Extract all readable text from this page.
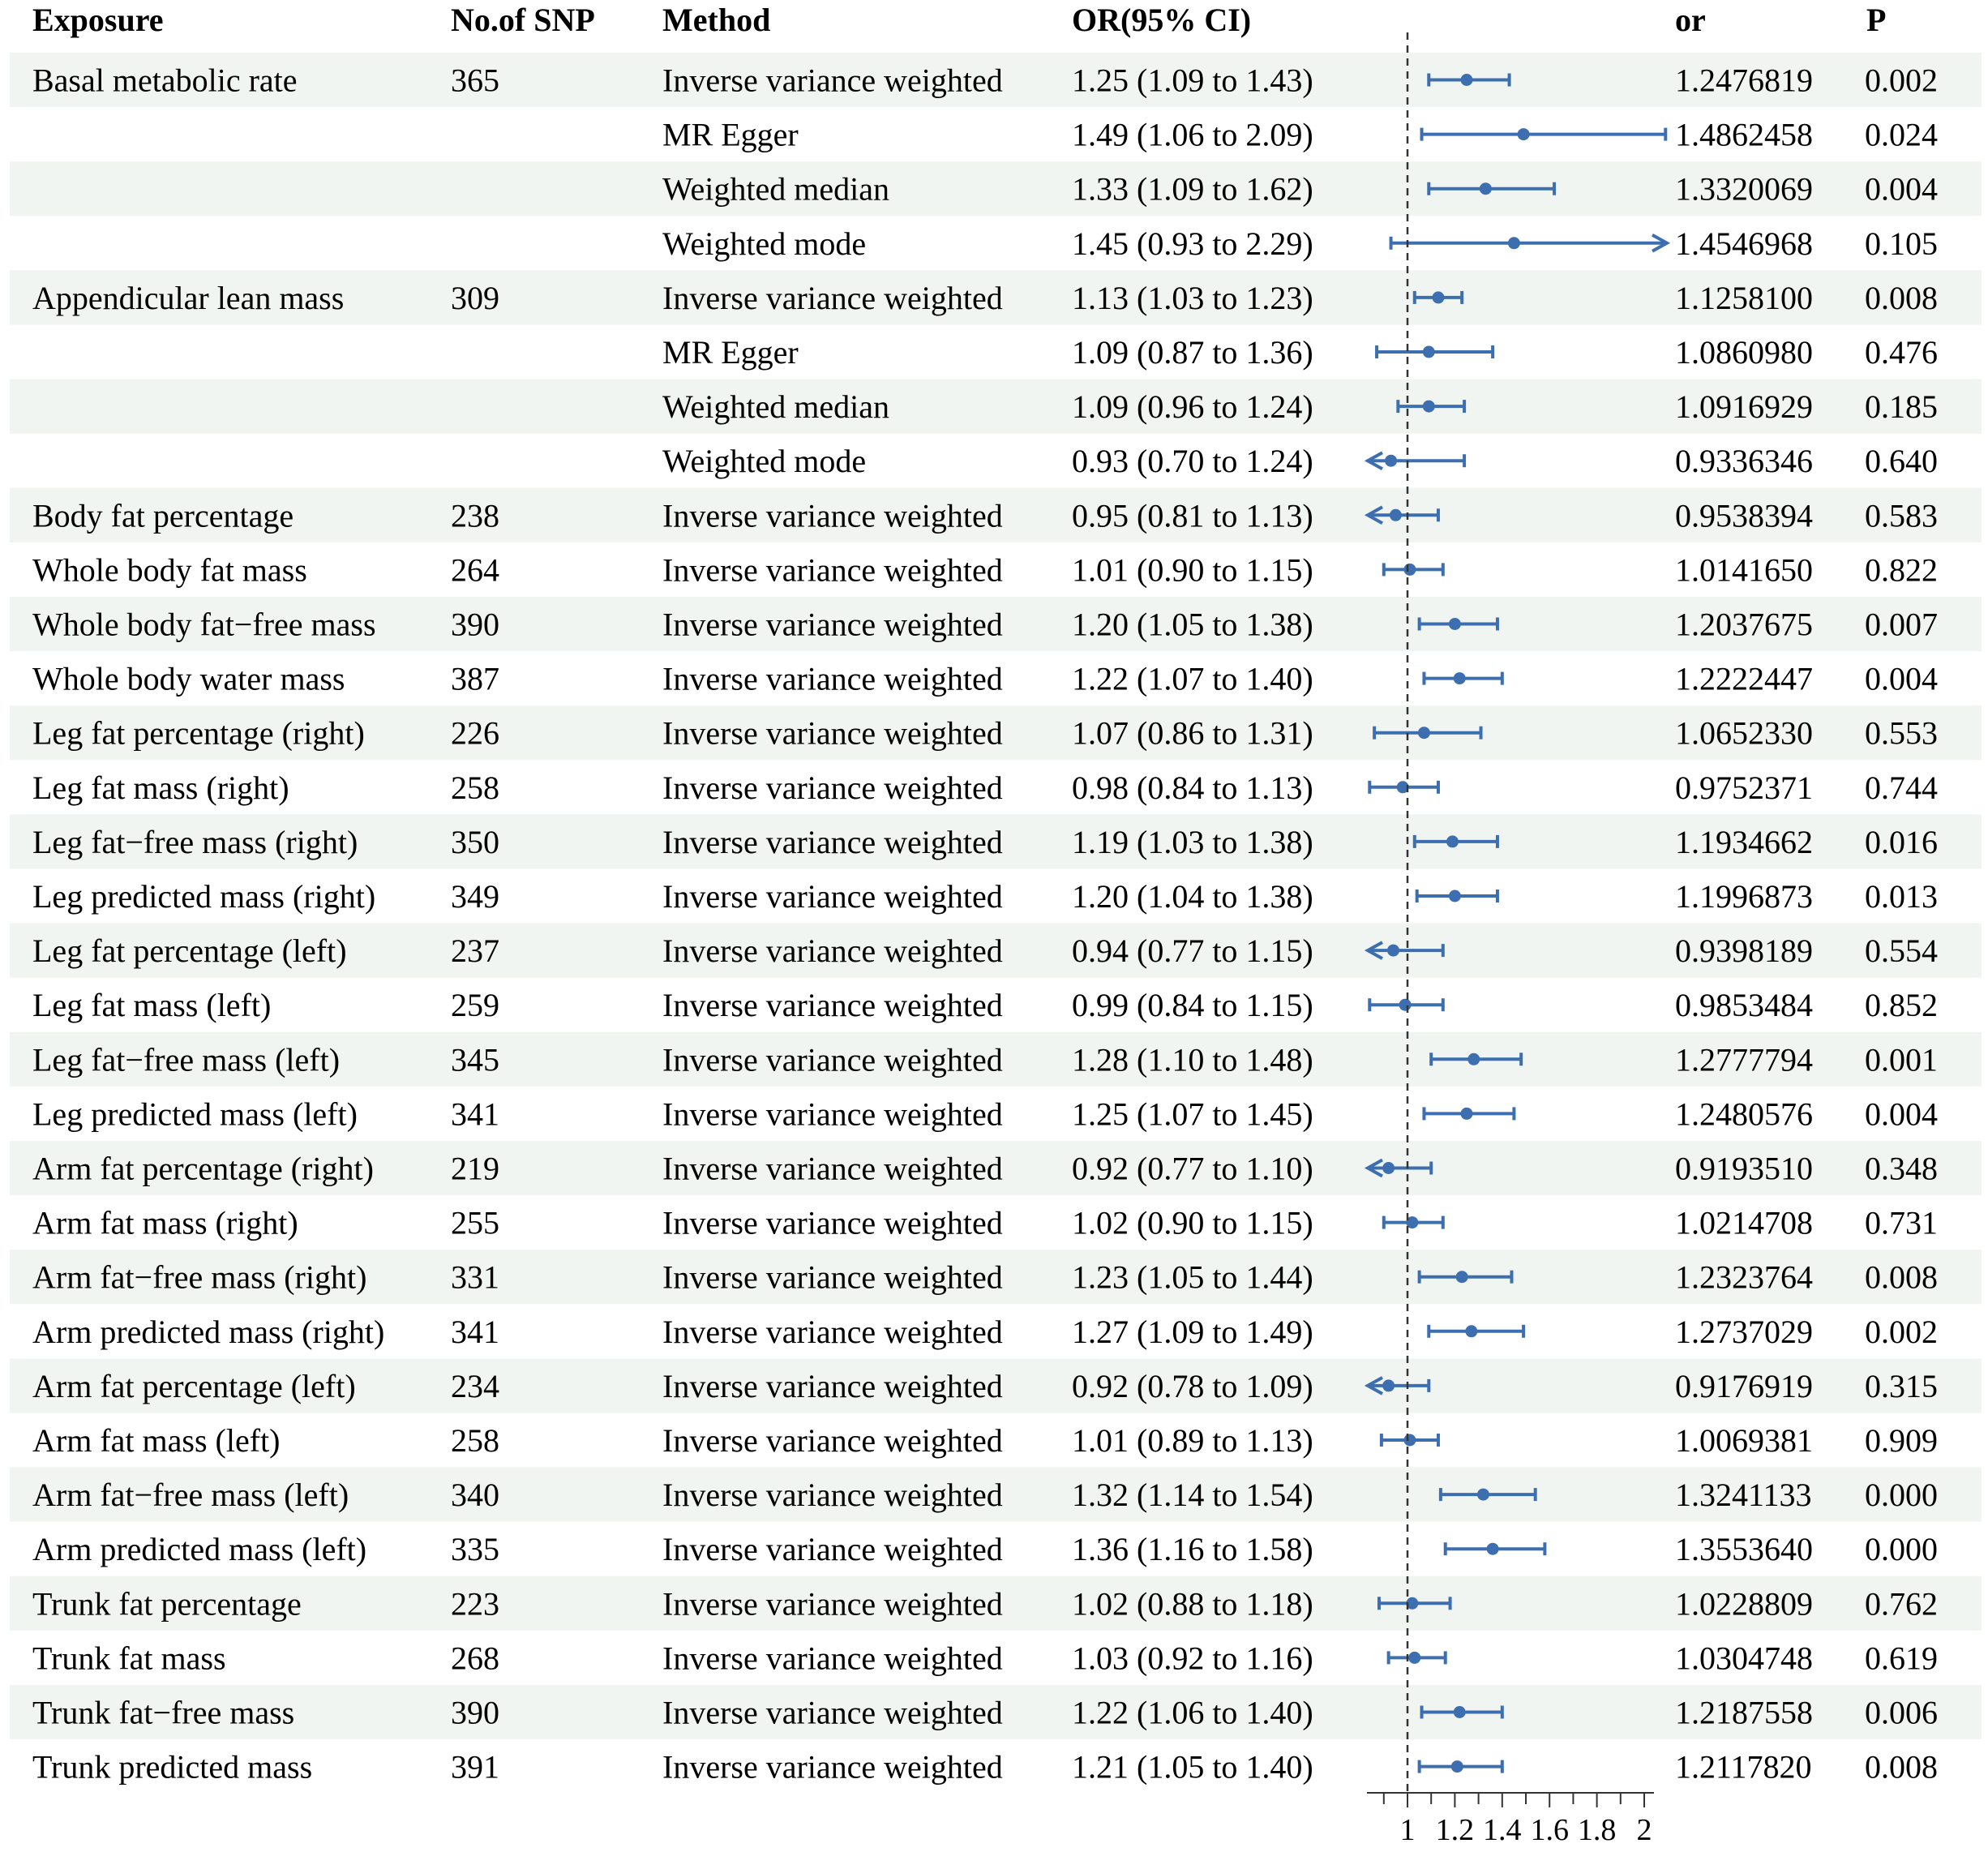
Exposure	No.of SNP Method	OR(95% CI)	or	P
Basal metabolic rate	365	Inverse variance weighted 1.25 (1.09 to 1.43)	1.2476819 0.002
MR Egger	1.49 (1.06 to 2.09)	1.4862458 0.024
Weighted median	1.33 (1.09 to 1.62)	1.3320069 0.004
Weighted mode	1.45 (0.93 to 2.29)	1.4546968 0.105
Appendicular lean mass	309	Inverse variance weighted 1.13 (1.03 to 1.23)	1.1258100 0.008
MR Egger	1.09 (0.87 to 1.36)	1.0860980 0.476
Weighted median	1.09 (0.96 to 1.24)	1.0916929 0.185
Weighted mode	0.93 (0.70 to 1.24)	0.9336346 0.640
Body fat percentage	238	Inverse variance weighted 0.95 (0.81 to 1.13)	0.9538394 0.583
Whole body fat mass	264	Inverse variance weighted 1.01 (0.90 to 1.15)	1.0141650 0.822
Whole body fat−free mass 390	Inverse variance weighted 1.20 (1.05 to 1.38)	1.2037675 0.007
Whole body water mass	387	Inverse variance weighted 1.22 (1.07 to 1.40)	1.2222447 0.004
Leg fat percentage (right)	226	Inverse variance weighted 1.07 (0.86 to 1.31)	1.0652330 0.553
Leg fat mass (right)	258	Inverse variance weighted 0.98 (0.84 to 1.13)	0.9752371 0.744
Leg fat−free mass (right)	350	Inverse variance weighted 1.19 (1.03 to 1.38)	1.1934662 0.016
Leg predicted mass (right) 349	Inverse variance weighted 1.20 (1.04 to 1.38)	1.1996873 0.013
Leg fat percentage (left)	237	Inverse variance weighted 0.94 (0.77 to 1.15)	0.9398189 0.554
Leg fat mass (left)	259	Inverse variance weighted 0.99 (0.84 to 1.15)	0.9853484 0.852
Leg fat−free mass (left)	345	Inverse variance weighted 1.28 (1.10 to 1.48)	1.2777794 0.001
Leg predicted mass (left)	341	Inverse variance weighted 1.25 (1.07 to 1.45)	1.2480576 0.004
Arm fat percentage (right) 219	Inverse variance weighted 0.92 (0.77 to 1.10)	0.9193510 0.348
Arm fat mass (right)	255	Inverse variance weighted 1.02 (0.90 to 1.15)	1.0214708 0.731
Arm fat−free mass (right)	331	Inverse variance weighted 1.23 (1.05 to 1.44)	1.2323764 0.008
Arm predicted mass (right) 341	Inverse variance weighted 1.27 (1.09 to 1.49)	1.2737029 0.002
Arm fat percentage (left)	234	Inverse variance weighted 0.92 (0.78 to 1.09)	0.9176919 0.315
Arm fat mass (left)	258	Inverse variance weighted 1.01 (0.89 to 1.13)	1.0069381 0.909
Arm fat−free mass (left)	340	Inverse variance weighted 1.32 (1.14 to 1.54)	1.3241133 0.000
Arm predicted mass (left)	335	Inverse variance weighted 1.36 (1.16 to 1.58)	1.3553640 0.000
Trunk fat percentage	223	Inverse variance weighted 1.02 (0.88 to 1.18)	1.0228809 0.762
Trunk fat mass	268	Inverse variance weighted 1.03 (0.92 to 1.16)	1.0304748 0.619
Trunk fat−free mass	390	Inverse variance weighted 1.22 (1.06 to 1.40)	1.2187558 0.006
Trunk predicted mass	391	Inverse variance weighted 1.21 (1.05 to 1.40)	1.2117820 0.008
1 1.2 1.4 1.6 1.8 2
